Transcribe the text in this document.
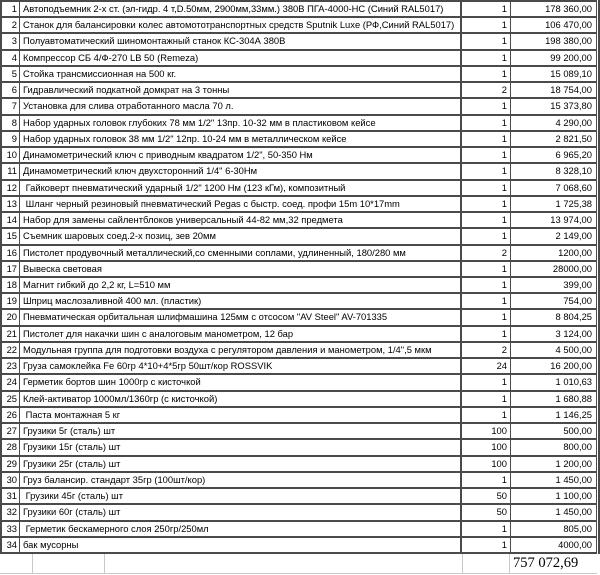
1 Автоподъемник 2-х ст. (эл-гидр. 4 т,D.50мм, 2900мм,33мм.) 380В ПГА-4000-НС (Синий RAL5017)	1	178 360,00
2 Станок для балансировки колес автомототранспортных средств Sputnik Luxe (РФ,Синий RAL5017)	1	106 470,00
3 Полуавтоматический шиномонтажный станок КС-304А 380В	1	198 380,00
4 Компрессор СБ 4/Ф-270 LB 50 (Remeza)	1	99 200,00
5 Стойка трансмиссионная на 500 кг.	1	15 089,10
6 Гидравлический подкатной домкрат на 3 тонны	2	18 754,00
7 Установка для слива отработанного масла 70 л.	1	15 373,80
8 Набор ударных головок глубоких 78 мм 1/2" 13пр. 10-32 мм в пластиковом кейсе	1	4 290,00
9 Набор ударных головок 38 мм 1/2" 12пр. 10-24 мм в металлическом кейсе	1	2 821,50
10 Динамометрический ключ с приводным квадратом 1/2", 50-350 Нм	1	6 965,20
11 Динамометрический ключ двухсторонний 1/4" 6-30Нм	1	8 328,10
12 Гайковерт пневматический ударный 1/2" 1200 Нм (123 кГм), композитный	1	7 068,60
13 Шланг черный резиновый пневматический Pegas с быстр. соед. профи 15m 10*17mm	1	1 725,38
14 Набор для замены сайлентблоков универсальный 44-82 мм,32 предмета	1	13 974,00
15 Съемник шаровых соед.2-х позиц, зев 20мм	1	2 149,00
16 Пистолет продувочный металлический,со сменными соплами, удлиненный, 180/280 мм	2	1200,00
17 Вывеска световая	1	28000,00
18 Магнит гибкий до 2,2 кг, L=510 мм	1	399,00
19 Шприц маслозаливной 400 мл. (пластик)	1	754,00
20 Пневматическая орбитальная шлифмашина 125мм с отсосом "AV Steel" AV-701335	1	8 804,25
21 Пистолет для накачки шин с аналоговым манометром, 12 бар	1	3 124,00
22 Модульная группа для подготовки воздуха с регулятором давления и манометром, 1/4",5 мкм	2	4 500,00
23 Груза самоклейка Fe 60гр 4*10+4*5гр 50шт/кор ROSSVIK	24	16 200,00
24 Герметик бортов шин 1000гр с кисточкой	1	1 010,63
25 Клей-активатор 1000мл/1360гр (с кисточкой)	1	1 680,88
26 Паста монтажная 5 кг	1	1 146,25
27 Грузики 5г (сталь) шт	100	500,00
28 Грузики 15г (сталь) шт	100	800,00
29 Грузики 25г (сталь) шт	100	1 200,00
30 Груз балансир. стандарт 35гр (100шт/кор)	1	1 450,00
31 Грузики 45г (сталь) шт	50	1 100,00
32 Грузики 60г (сталь) шт	50	1 450,00
33 Герметик бескамерного слоя 250гр/250мл	1	805,00
34 бак мусорны	1	4000,00
757 072,69
